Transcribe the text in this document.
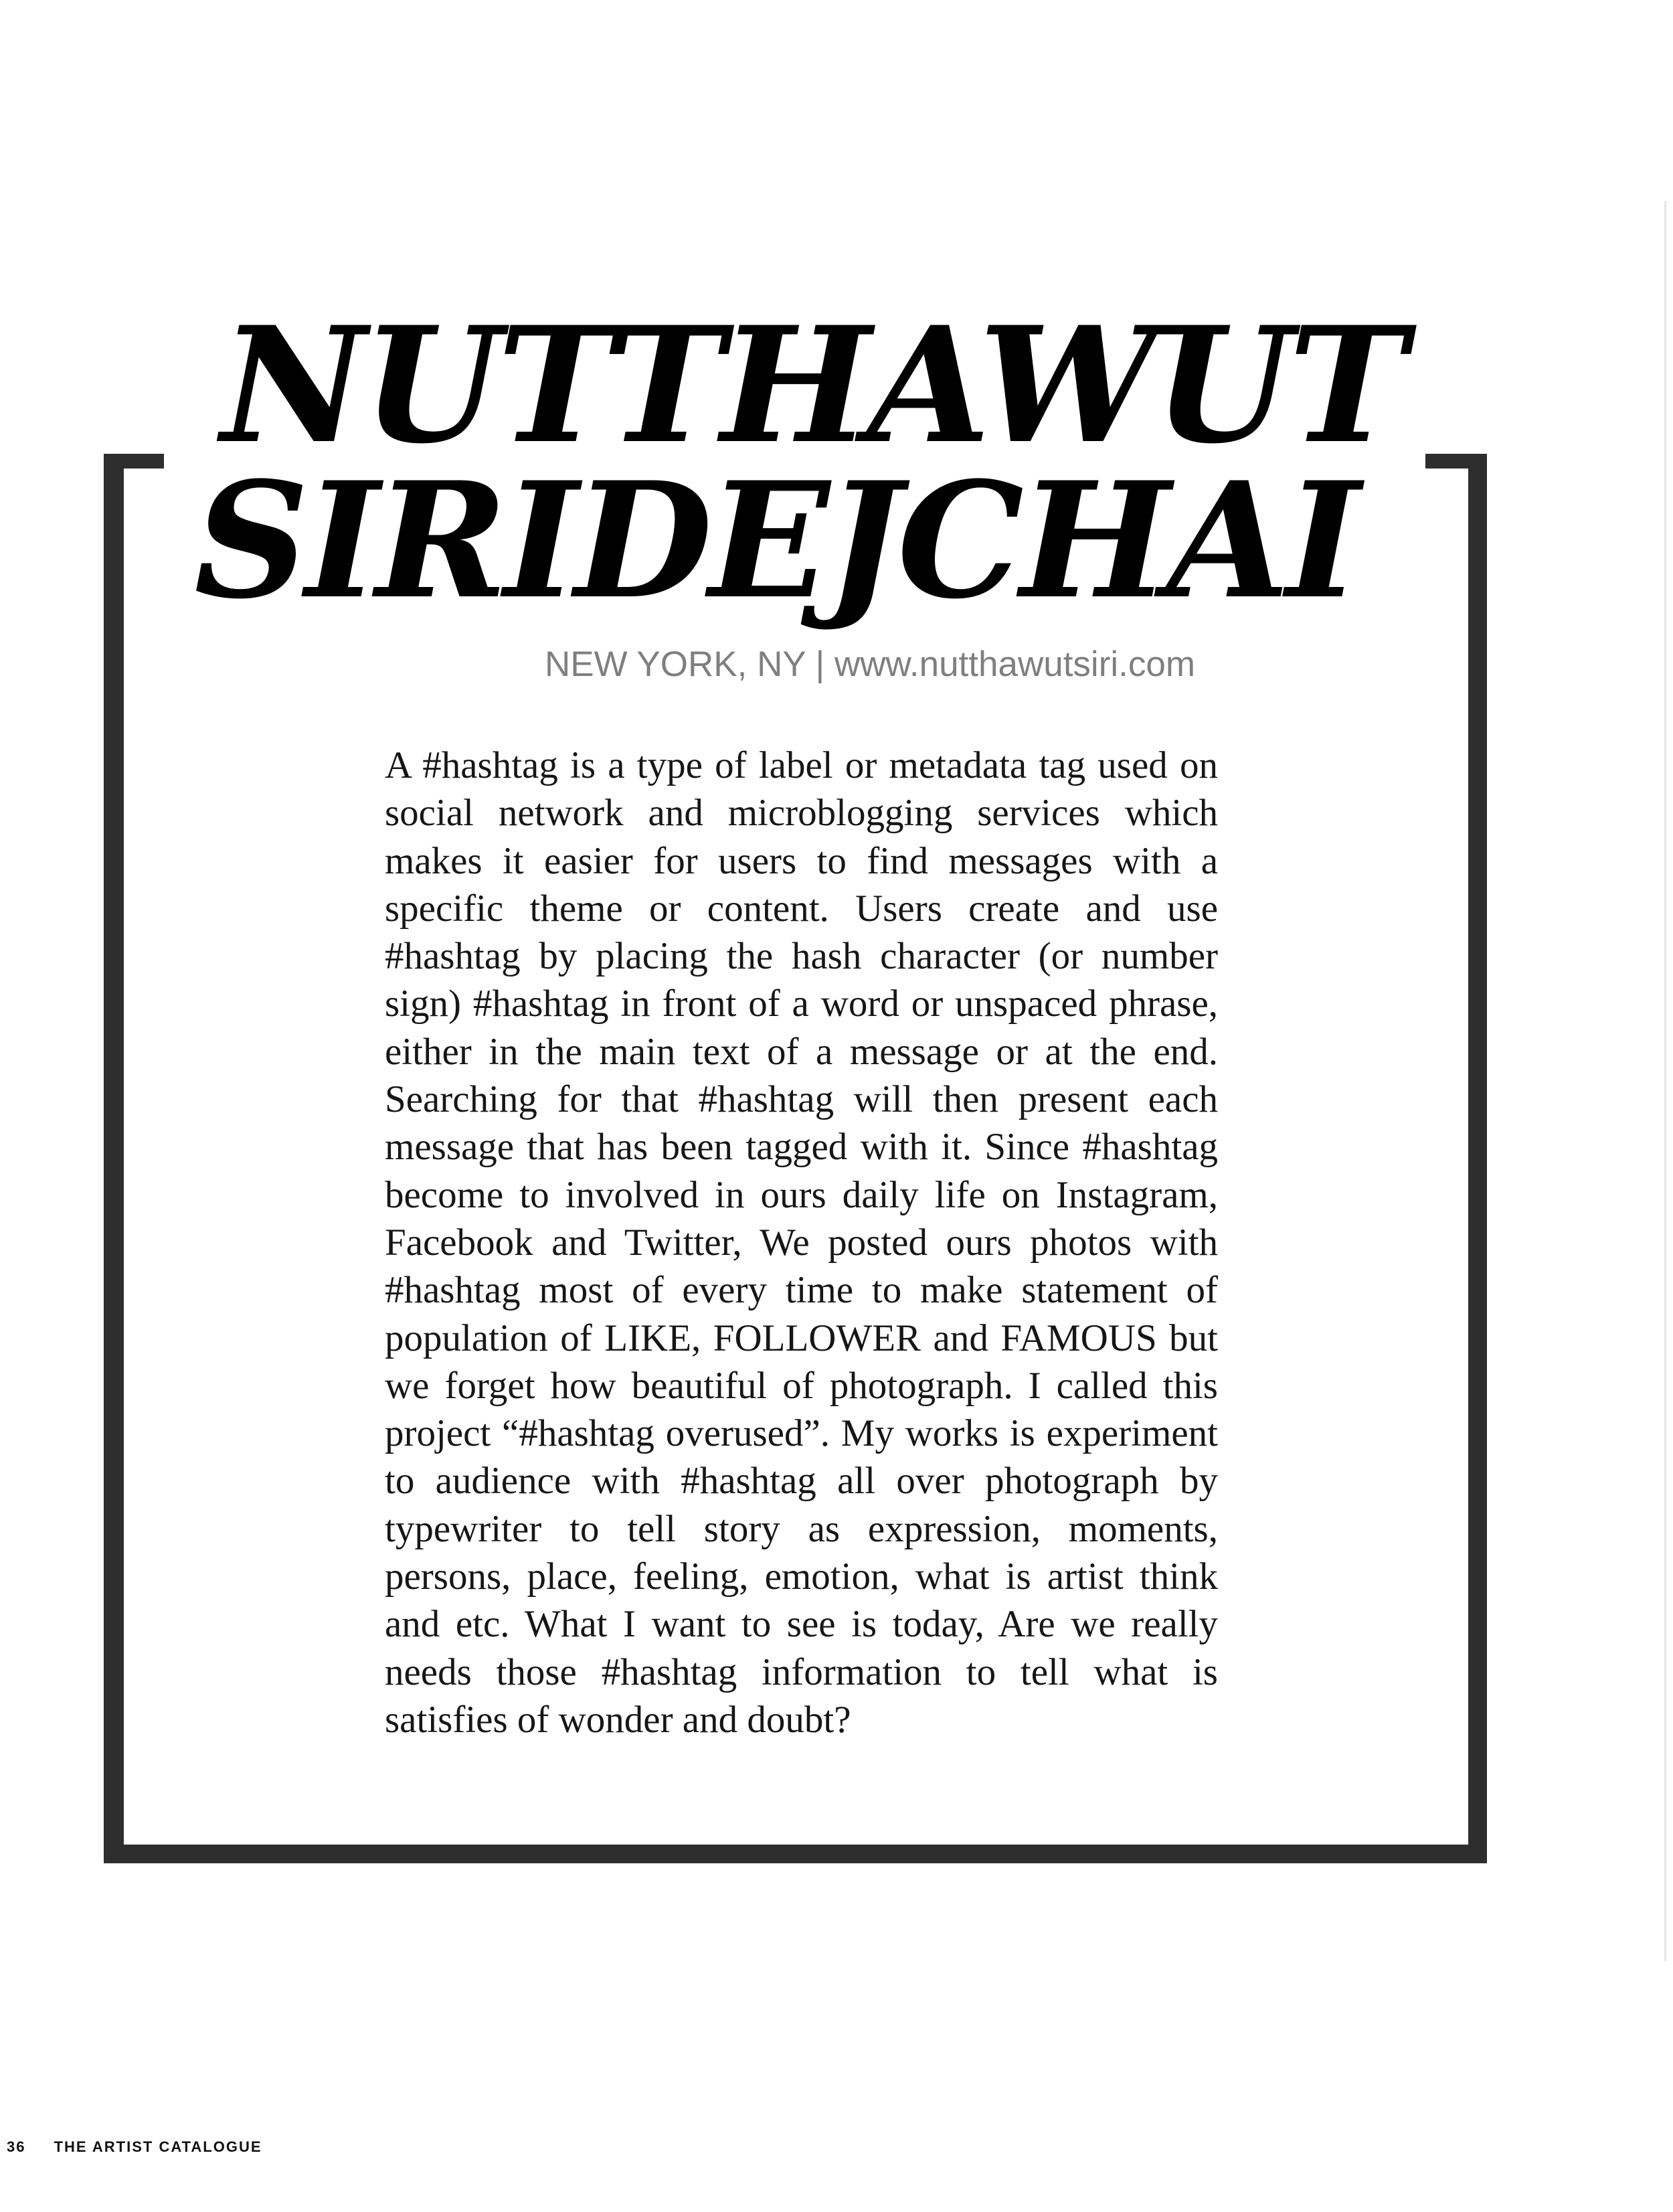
NUTTHAWUT
SIRIDEJCHAI

NEW YORK, NY | www.nutthawutsiri.com

A #hashtag is a type of label or metadata tag used on social network and microblogging services which makes it easier for users to find messages with a specific theme or content. Users create and use #hashtag by placing the hash character (or number sign) #hashtag in front of a word or unspaced phrase, either in the main text of a message or at the end. Searching for that #hashtag will then present each message that has been tagged with it. Since #hashtag become to involved in ours daily life on Instagram, Facebook and Twitter, We posted ours photos with #hashtag most of every time to make statement of population of LIKE, FOLLOWER and FAMOUS but we forget how beautiful of photograph. I called this project “#hashtag overused”. My works is experiment to audience with #hashtag all over photograph by typewriter to tell story as expression, moments, persons, place, feeling, emotion, what is artist think and etc. What I want to see is today, Are we really needs those #hashtag information to tell what is satisfies of wonder and doubt?

36 THE ARTIST CATALOGUE
